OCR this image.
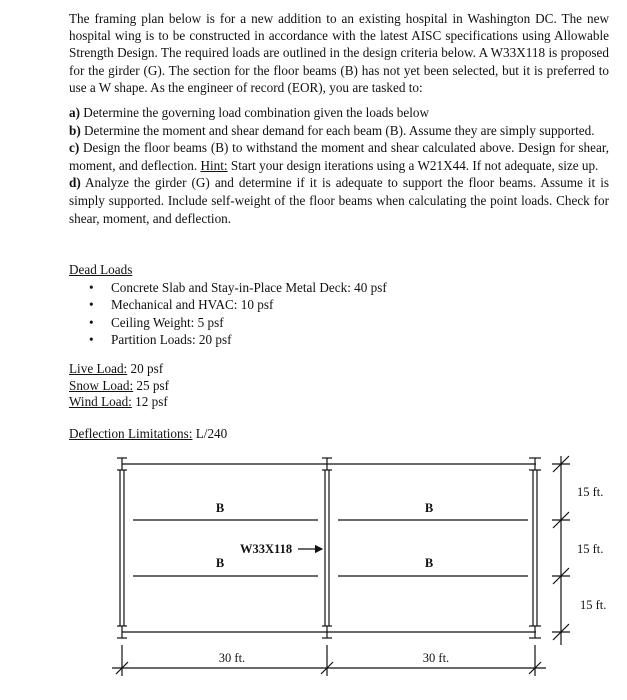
The framing plan below is for a new addition to an existing hospital in Washington DC. The new hospital wing is to be constructed in accordance with the latest AISC specifications using Allowable Strength Design. The required loads are outlined in the design criteria below. A W33X118 is proposed for the girder (G). The section for the floor beams (B) has not yet been selected, but it is preferred to use a W shape. As the engineer of record (EOR), you are tasked to:

a) Determine the governing load combination given the loads below

b) Determine the moment and shear demand for each beam (B). Assume they are simply supported.

c) Design the floor beams (B) to withstand the moment and shear calculated above. Design for shear, moment, and deflection. Hint: Start your design iterations using a W21X44. If not adequate, size up.

d) Analyze the girder (G) and determine if it is adequate to support the floor beams. Assume it is simply supported. Include self-weight of the floor beams when calculating the point loads. Check for shear, moment, and deflection.

Dead Loads
• Concrete Slab and Stay-in-Place Metal Deck: 40 psf
• Mechanical and HVAC: 10 psf
• Ceiling Weight: 5 psf
• Partition Loads: 20 psf
Live Load: 20 psf
Snow Load: 25 psf
Wind Load: 12 psf
Deflection Limitations: L/240
B	B
B	B
W33X118
30 ft.	30 ft.
15 ft.
15 ft.
15 ft.
